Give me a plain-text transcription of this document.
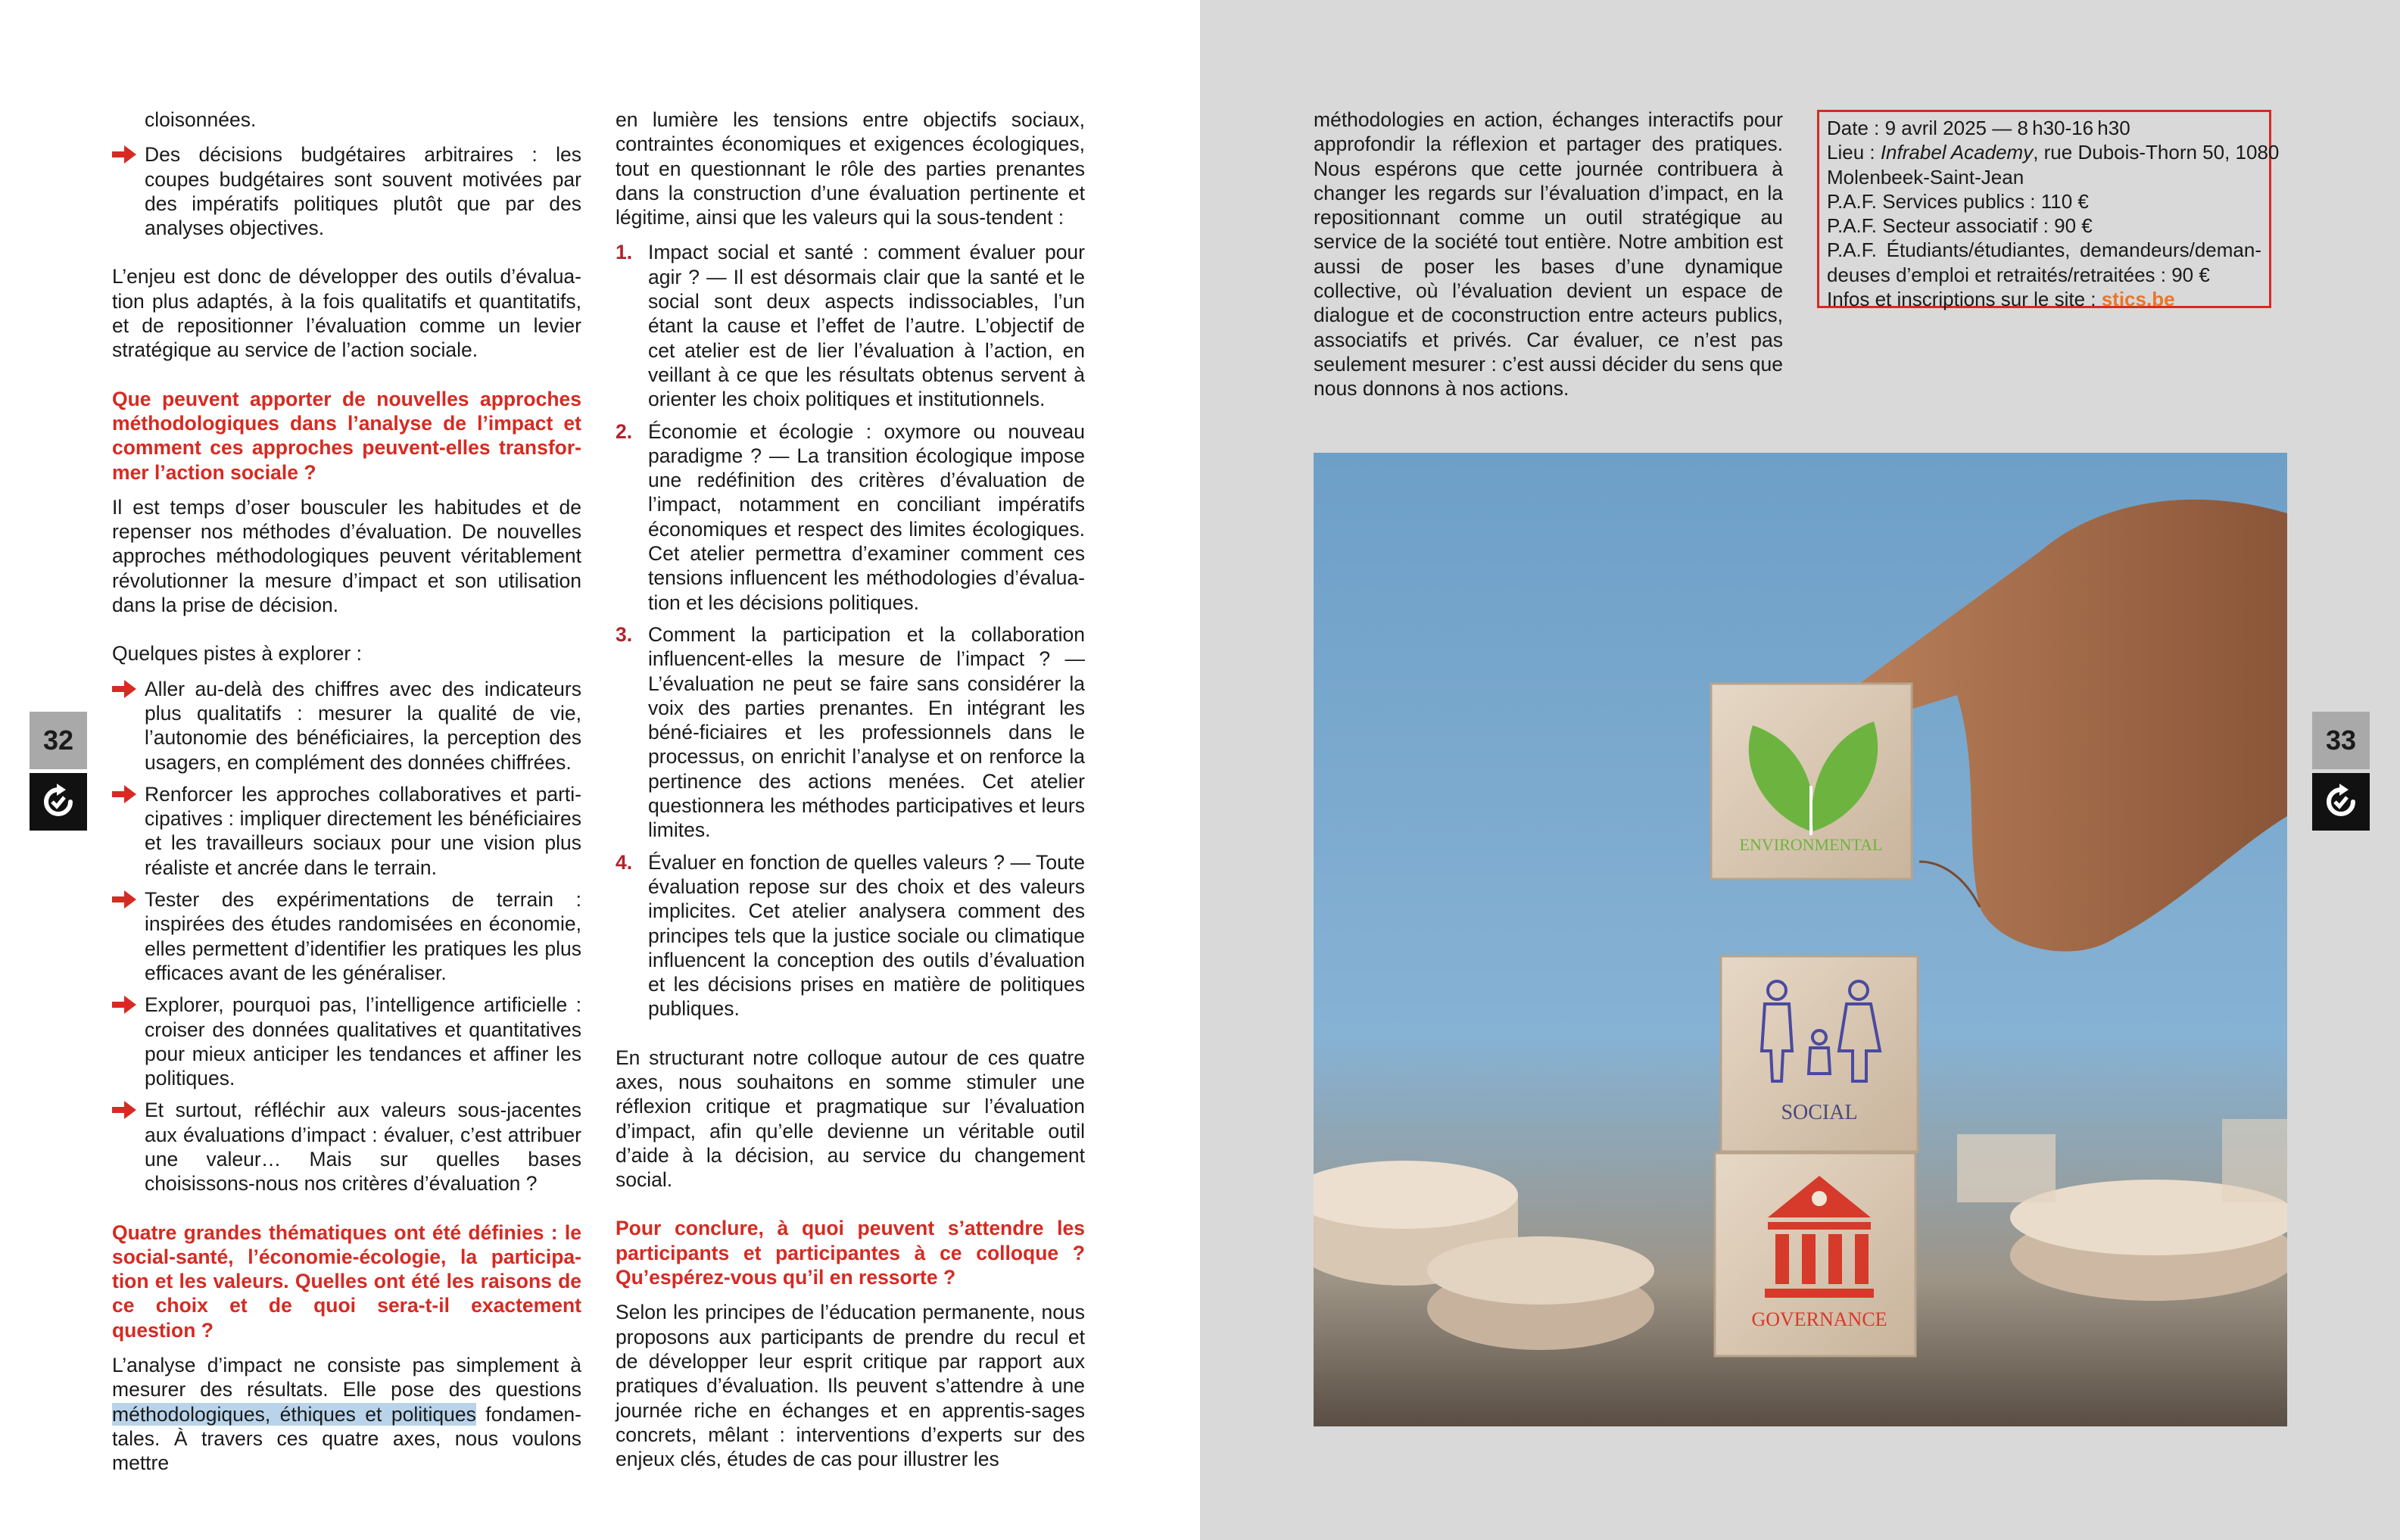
cloisonnées.

Des décisions budgétaires arbitraires : les coupes budgétaires sont souvent motivées par des impératifs politiques plutôt que par des analyses objectives.

L’enjeu est donc de développer des outils d’évalua-tion plus adaptés, à la fois qualitatifs et quantitatifs, et de repositionner l’évaluation comme un levier stratégique au service de l’action sociale.

Que peuvent apporter de nouvelles approches méthodologiques dans l’analyse de l’impact et comment ces approches peuvent-elles transfor-mer l’action sociale ?

Il est temps d’oser bousculer les habitudes et de repenser nos méthodes d’évaluation. De nouvelles approches méthodologiques peuvent véritablement révolutionner la mesure d’impact et son utilisation dans la prise de décision.

Quelques pistes à explorer :

Aller au-delà des chiffres avec des indicateurs plus qualitatifs : mesurer la qualité de vie, l’autonomie des bénéficiaires, la perception des usagers, en complément des données chiffrées.
Renforcer les approches collaboratives et parti-cipatives : impliquer directement les bénéficiaires et les travailleurs sociaux pour une vision plus réaliste et ancrée dans le terrain.
Tester des expérimentations de terrain : inspirées des études randomisées en économie, elles permettent d’identifier les pratiques les plus efficaces avant de les généraliser.
Explorer, pourquoi pas, l’intelligence artificielle : croiser des données qualitatives et quantitatives pour mieux anticiper les tendances et affiner les politiques.
Et surtout, réfléchir aux valeurs sous-jacentes aux évaluations d’impact : évaluer, c’est attribuer une valeur… Mais sur quelles bases choisissons-nous nos critères d’évaluation ?
Quatre grandes thématiques ont été définies : le social-santé, l’économie-écologie, la participa-tion et les valeurs. Quelles ont été les raisons de ce choix et de quoi sera-t-il exactement question ?

L’analyse d’impact ne consiste pas simplement à mesurer des résultats. Elle pose des questions méthodologiques, éthiques et politiques fondamen-tales. À travers ces quatre axes, nous voulons mettre

en lumière les tensions entre objectifs sociaux, contraintes économiques et exigences écologiques, tout en questionnant le rôle des parties prenantes dans la construction d’une évaluation pertinente et légitime, ainsi que les valeurs qui la sous-tendent :

1. Impact social et santé : comment évaluer pour agir ? — Il est désormais clair que la santé et le social sont deux aspects indissociables, l’un étant la cause et l’effet de l’autre. L’objectif de cet atelier est de lier l’évaluation à l’action, en veillant à ce que les résultats obtenus servent à orienter les choix politiques et institutionnels.
2. Économie et écologie : oxymore ou nouveau paradigme ? — La transition écologique impose une redéfinition des critères d’évaluation de l’impact, notamment en conciliant impératifs économiques et respect des limites écologiques. Cet atelier permettra d’examiner comment ces tensions influencent les méthodologies d’évalua-tion et les décisions politiques.
3. Comment la participation et la collaboration influencent-elles la mesure de l’impact ? — L’évaluation ne peut se faire sans considérer la voix des parties prenantes. En intégrant les béné-ficiaires et les professionnels dans le processus, on enrichit l’analyse et on renforce la pertinence des actions menées. Cet atelier questionnera les méthodes participatives et leurs limites.
4. Évaluer en fonction de quelles valeurs ? — Toute évaluation repose sur des choix et des valeurs implicites. Cet atelier analysera comment des principes tels que la justice sociale ou climatique influencent la conception des outils d’évaluation et les décisions prises en matière de politiques publiques.

En structurant notre colloque autour de ces quatre axes, nous souhaitons en somme stimuler une réflexion critique et pragmatique sur l’évaluation d’impact, afin qu’elle devienne un véritable outil d’aide à la décision, au service du changement social.

Pour conclure, à quoi peuvent s’attendre les participants et participantes à ce colloque ? Qu’espérez-vous qu’il en ressorte ?

Selon les principes de l’éducation permanente, nous proposons aux participants de prendre du recul et de développer leur esprit critique par rapport aux pratiques d’évaluation. Ils peuvent s’attendre à une journée riche en échanges et en apprentis-sages concrets, mêlant : interventions d’experts sur des enjeux clés, études de cas pour illustrer les

32

méthodologies en action, échanges interactifs pour approfondir la réflexion et partager des pratiques. Nous espérons que cette journée contribuera à changer les regards sur l’évaluation d’impact, en la repositionnant comme un outil stratégique au service de la société tout entière. Notre ambition est aussi de poser les bases d’une dynamique collective, où l’évaluation devient un espace de dialogue et de coconstruction entre acteurs publics, associatifs et privés. Car évaluer, ce n’est pas seulement mesurer : c’est aussi décider du sens que nous donnons à nos actions.

Date : 9 avril 2025 — 8 h30-16 h30
Lieu : Infrabel Academy, rue Dubois-Thorn 50, 1080
Molenbeek-Saint-Jean
P.A.F. Services publics : 110 €
P.A.F. Secteur associatif : 90 €
P.A.F. Étudiants/étudiantes, demandeurs/deman-deuses d’emploi et retraités/retraitées : 90 €
Infos et inscriptions sur le site : stics.be
ENVIRONMENTAL
SOCIAL
GOVERNANCE
33
